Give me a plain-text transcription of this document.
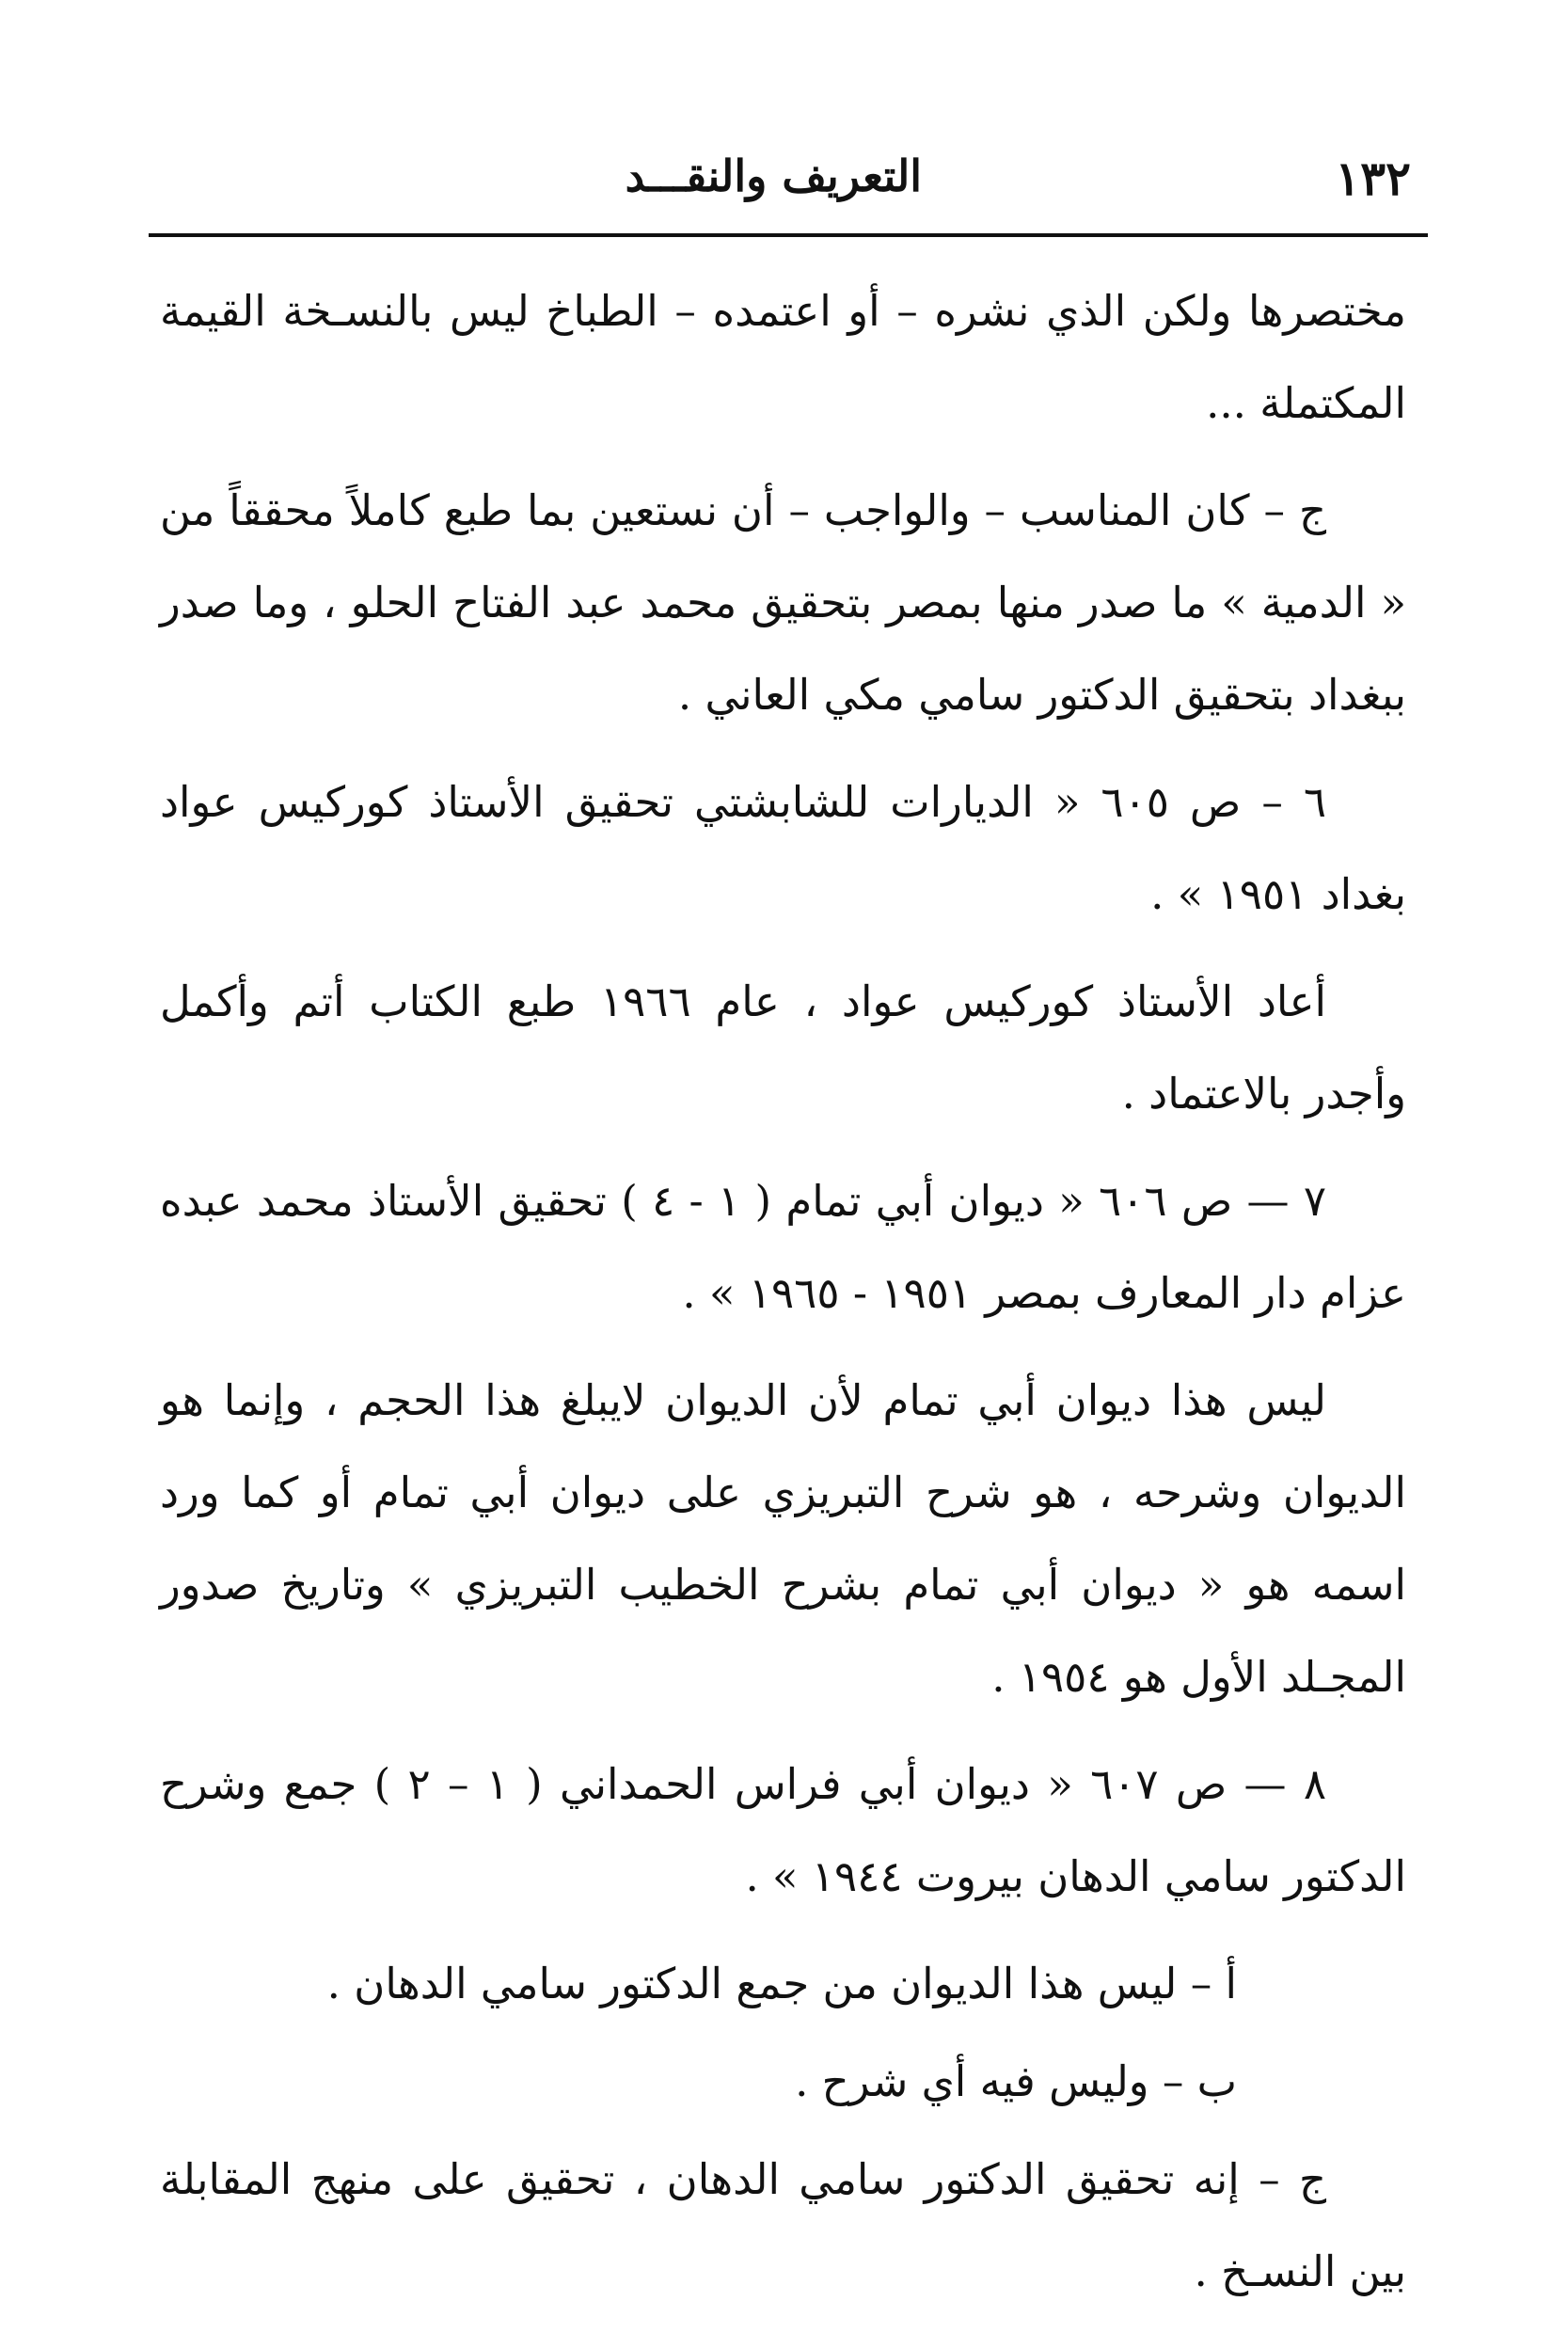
١٣٢
التعريف والنقـــد

مختصرها ولكن الذي نشره – أو اعتمده – الطباخ ليس بالنسـخة القيمة المكتملة ...

ج – كان المناسب – والواجب – أن نستعين بما طبع كاملاً محققاً من « الدمية » ما صدر منها بمصر بتحقيق محمد عبد الفتاح الحلو ، وما صدر ببغداد بتحقيق الدكتور سامي مكي العاني .

٦ – ص ٦٠٥ « الديارات للشابشتي تحقيق الأستاذ كوركيس عواد بغداد ١٩٥١ » .

أعاد الأستاذ كوركيس عواد ، عام ١٩٦٦ طبع الكتاب أتم وأكمل وأجدر بالاعتماد .

٧ — ص ٦٠٦ « ديوان أبي تمام ( ١ - ٤ ) تحقيق الأستاذ محمد عبده عزام دار المعارف بمصر ١٩٥١ - ١٩٦٥ » .

ليس هذا ديوان أبي تمام لأن الديوان لايبلغ هذا الحجم ، وإنما هو الديوان وشرحه ، هو شرح التبريزي على ديوان أبي تمام أو كما ورد اسمه هو « ديوان أبي تمام بشرح الخطيب التبريزي » وتاريخ صدور المجـلد الأول هو ١٩٥٤ .

٨ — ص ٦٠٧ « ديوان أبي فراس الحمداني ( ١ – ٢ ) جمع وشرح الدكتور سامي الدهان بيروت ١٩٤٤ » .

أ – ليس هذا الديوان من جمع الدكتور سامي الدهان .

ب – وليس فيه أي شرح .

ج – إنه تحقيق الدكتور سامي الدهان ، تحقيق على منهج المقابلة بين النسـخ .
